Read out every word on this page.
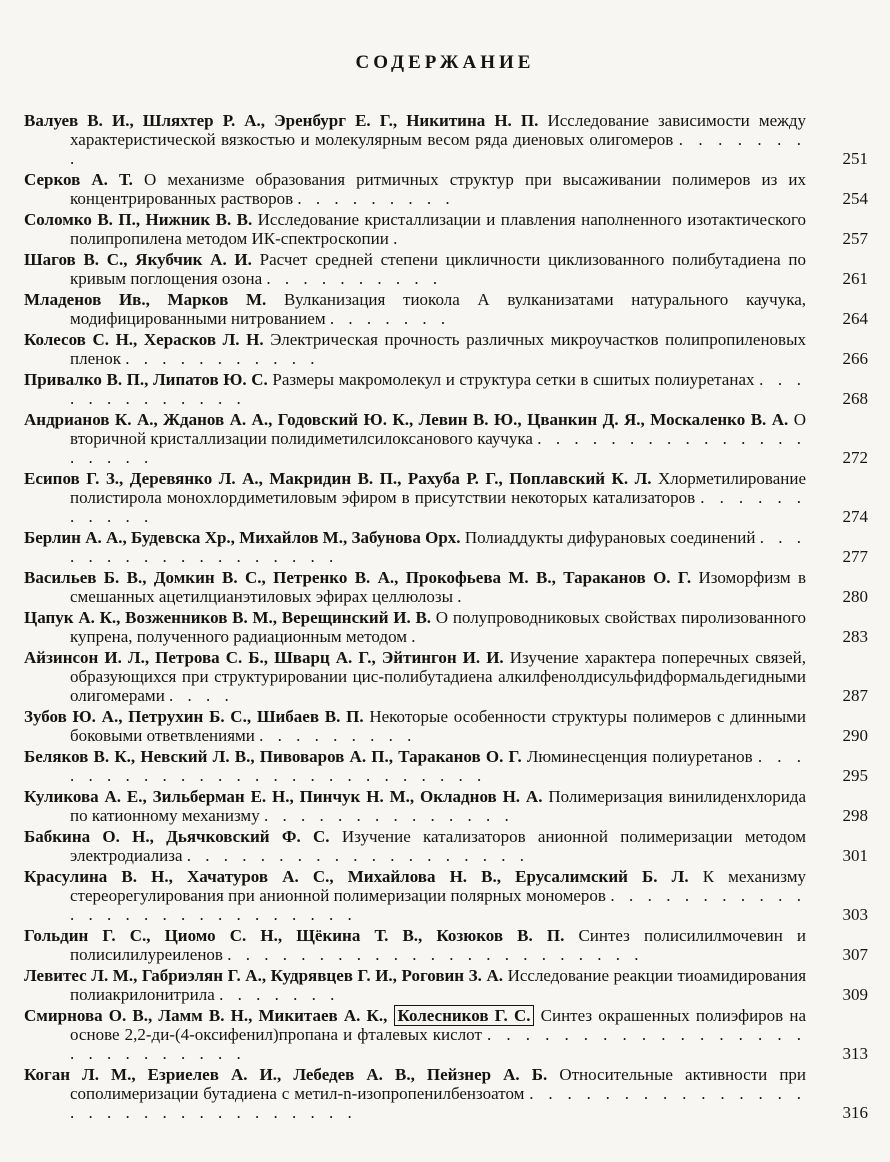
СОДЕРЖАНИЕ
Валуев В. И., Шляхтер Р. А., Эренбург Е. Г., Никитина Н. П. Исследование зависимости между характеристической вязкостью и молекулярным весом ряда диеновых олигомеров . . . . . . . .	251
Серков А. Т. О механизме образования ритмичных структур при высаживании полимеров из их концентрированных растворов . . . . . . . . .	254
Соломко В. П., Нижник В. В. Исследование кристаллизации и плавления наполненного изотактического полипропилена методом ИК-спектроскопии .	257
Шагов В. С., Якубчик А. И. Расчет средней степени цикличности циклизованного полибутадиена по кривым поглощения озона . . . . . . . . . .	261
Младенов Ив., Марков М. Вулканизация тиокола А вулканизатами натурального каучука, модифицированными нитрованием . . . . . . .	264
Колесов С. Н., Херасков Л. Н. Электрическая прочность различных микроучастков полипропиленовых пленок . . . . . . . . . . .	266
Привалко В. П., Липатов Ю. С. Размеры макромолекул и структура сетки в сшитых полиуретанах . . . . . . . . . . . . .	268
Андрианов К. А., Жданов А. А., Годовский Ю. К., Левин В. Ю., Цванкин Д. Я., Москаленко В. А. О вторичной кристаллизации полидиметилсилоксанового каучука . . . . . . . . . . . . . . . . . . . .	272
Есипов Г. З., Деревянко Л. А., Макридин В. П., Рахуба Р. Г., Поплавский К. Л. Хлорметилирование полистирола монохлордиметиловым эфиром в присутствии некоторых катализаторов . . . . . . . . . . .	274
Берлин А. А., Будевска Хр., Михайлов М., Забунова Орх. Полиаддукты дифурановых соединений . . . . . . . . . . . . . . . . . .	277
Васильев Б. В., Домкин В. С., Петренко В. А., Прокофьева М. В., Тараканов О. Г. Изоморфизм в смешанных ацетилцианэтиловых эфирах целлюлозы .	280
Цапук А. К., Возженников В. М., Верещинский И. В. О полупроводниковых свойствах пиролизованного купрена, полученного радиационным методом .	283
Айзинсон И. Л., Петрова С. Б., Шварц А. Г., Эйтингон И. И. Изучение характера поперечных связей, образующихся при структурировании цис-полибутадиена алкилфенолдисульфидформальдегидными олигомерами . . . .	287
Зубов Ю. А., Петрухин Б. С., Шибаев В. П. Некоторые особенности структуры полимеров с длинными боковыми ответвлениями . . . . . . . . .	290
Беляков В. К., Невский Л. В., Пивоваров А. П., Тараканов О. Г. Люминесценция полиуретанов . . . . . . . . . . . . . . . . . . . . . . . . . .	295
Куликова А. Е., Зильберман Е. Н., Пинчук Н. М., Окладнов Н. А. Полимеризация винилиденхлорида по катионному механизму . . . . . . . . . . . . . .	298
Бабкина О. Н., Дьячковский Ф. С. Изучение катализаторов анионной полимеризации методом электродиализа . . . . . . . . . . . . . . . . . . .	301
Красулина В. Н., Хачатуров А. С., Михайлова Н. В., Ерусалимский Б. Л. К механизму стереорегулирования при анионной полимеризации полярных мономеров . . . . . . . . . . . . . . . . . . . . . . . . . . .	303
Гольдин Г. С., Циомо С. Н., Щёкина Т. В., Козюков В. П. Синтез полисилилмочевин и полисилилуреиленов . . . . . . . . . . . . . . . . . . . . . . .	307
Левитес Л. М., Габриэлян Г. А., Кудрявцев Г. И., Роговин З. А. Исследование реакции тиоамидирования полиакрилонитрила . . . . . . .	309
Смирнова О. В., Ламм В. Н., Микитаев А. К., Колесников Г. С. Синтез окрашенных полиэфиров на основе 2,2-ди-(4-оксифенил)пропана и фталевых кислот . . . . . . . . . . . . . . . . . . . . . . . . . . .	313
Коган Л. М., Езриелев А. И., Лебедев А. В., Пейзнер А. Б. Относительные активности при сополимеризации бутадиена с метил-n-изопропенилбензоатом . . . . . . . . . . . . . . . . . . . . . . . . . . . . . . .	316
